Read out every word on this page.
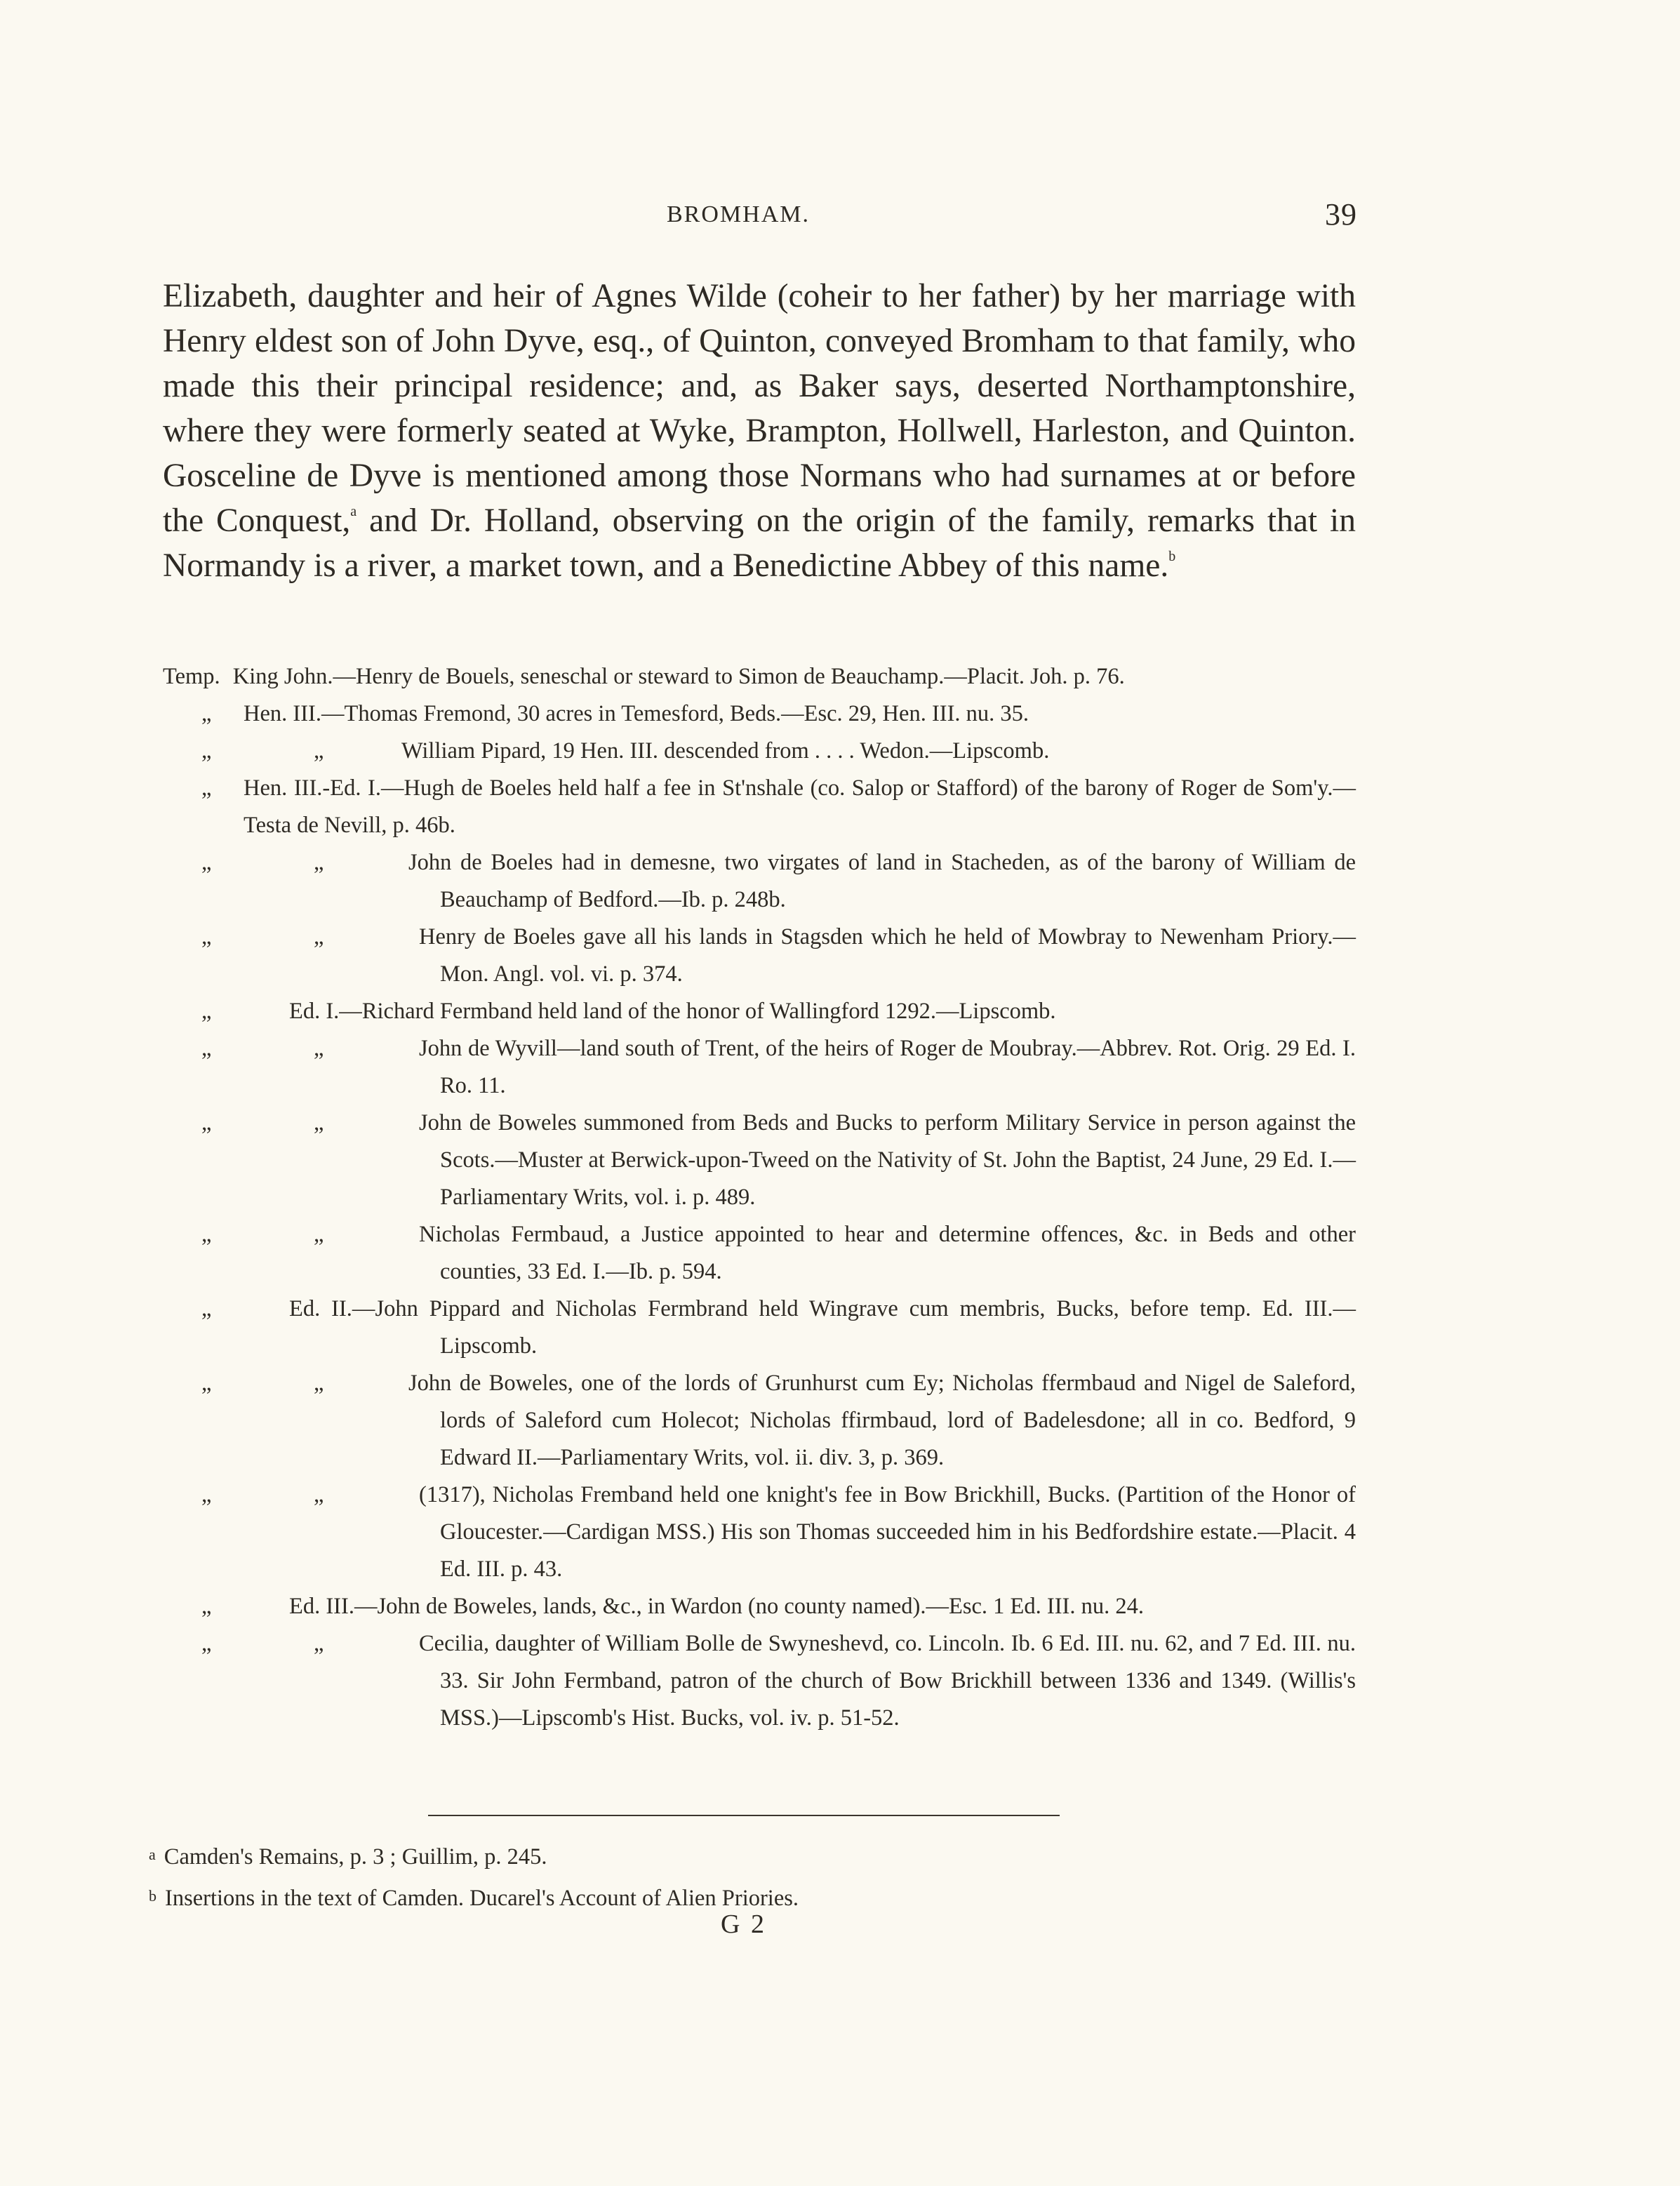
BROMHAM.	39

Elizabeth, daughter and heir of Agnes Wilde (coheir to her father) by her marriage with Henry eldest son of John Dyve, esq., of Quinton, conveyed Bromham to that family, who made this their principal residence; and, as Baker says, deserted Northamptonshire, where they were formerly seated at Wyke, Brampton, Hollwell, Harleston, and Quinton. Gosceline de Dyve is mentioned among those Normans who had surnames at or before the Conquest,$^a$ and Dr. Holland, observing on the origin of the family, remarks that in Normandy is a river, a market town, and a Benedictine Abbey of this name.$^b$

Temp. King John.—Henry de Bouels, seneschal or steward to Simon de Beauchamp.—Placit. Joh. p. 76.
„	Hen. III.—Thomas Fremond, 30 acres in Temesford, Beds.—Esc. 29, Hen. III. nu. 35.
„	„	William Pipard, 19 Hen. III. descended from . . . . Wedon.—Lipscomb.
„	Hen. III.-Ed. I.—Hugh de Boeles held half a fee in St'nshale (co. Salop or Stafford) of the barony of Roger de Som'y.—Testa de Nevill, p. 46b.
„	„	John de Boeles had in demesne, two virgates of land in Stacheden, as of the barony of William de Beauchamp of Bedford.—Ib. p. 248b.
„	„	Henry de Boeles gave all his lands in Stagsden which he held of Mowbray to Newenham Priory.—Mon. Angl. vol. vi. p. 374.
„	Ed. I.—Richard Fermband held land of the honor of Wallingford 1292.—Lipscomb.
„	„	John de Wyvill—land south of Trent, of the heirs of Roger de Moubray.—Abbrev. Rot. Orig. 29 Ed. I. Ro. 11.
„	„	John de Boweles summoned from Beds and Bucks to perform Military Service in person against the Scots.—Muster at Berwick-upon-Tweed on the Nativity of St. John the Baptist, 24 June, 29 Ed. I.—Parliamentary Writs, vol. i. p. 489.
„	„	Nicholas Fermbaud, a Justice appointed to hear and determine offences, &c. in Beds and other counties, 33 Ed. I.—Ib. p. 594.
„	Ed. II.—John Pippard and Nicholas Fermbrand held Wingrave cum membris, Bucks, before temp. Ed. III.— Lipscomb.
„	„	John de Boweles, one of the lords of Grunhurst cum Ey; Nicholas ffermbaud and Nigel de Saleford, lords of Saleford cum Holecot; Nicholas ffirmbaud, lord of Badelesdone; all in co. Bedford, 9 Edward II.—Parliamentary Writs, vol. ii. div. 3, p. 369.
„	„	(1317), Nicholas Fremband held one knight's fee in Bow Brickhill, Bucks. (Partition of the Honor of Gloucester.—Cardigan MSS.) His son Thomas succeeded him in his Bedfordshire estate.—Placit. 4 Ed. III. p. 43.
„	Ed. III.—John de Boweles, lands, &c., in Wardon (no county named).—Esc. 1 Ed. III. nu. 24.
„	„	Cecilia, daughter of William Bolle de Swyneshevd, co. Lincoln. Ib. 6 Ed. III. nu. 62, and 7 Ed. III. nu. 33. Sir John Fermband, patron of the church of Bow Brickhill between 1336 and 1349. (Willis's MSS.)—Lipscomb's Hist. Bucks, vol. iv. p. 51-52.

a Camden's Remains, p. 3 ; Guillim, p. 245.

b Insertions in the text of Camden. Ducarel's Account of Alien Priories.

G 2
